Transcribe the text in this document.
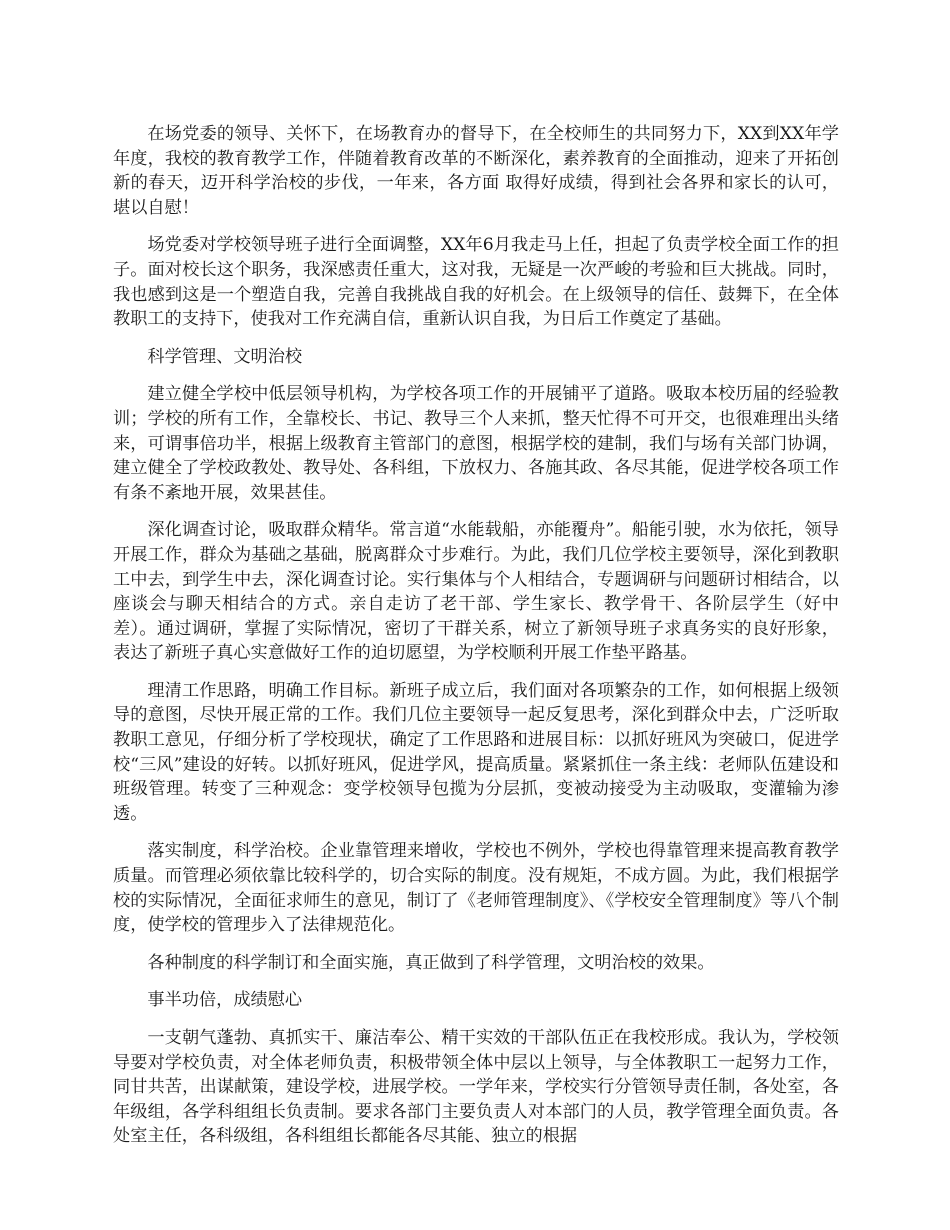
在场党委的领导、关怀下，在场教育办的督导下，在全校师生的共同努力下，XX到XX年学年度，我校的教育教学工作，伴随着教育改革的不断深化，素养教育的全面推动，迎来了开拓创新的春天，迈开科学治校的步伐，一年来，各方面 取得好成绩，得到社会各界和家长的认可，堪以自慰！

场党委对学校领导班子进行全面调整，XX年6月我走马上任，担起了负责学校全面工作的担子。面对校长这个职务，我深感责任重大，这对我，无疑是一次严峻的考验和巨大挑战。同时，我也感到这是一个塑造自我，完善自我挑战自我的好机会。在上级领导的信任、鼓舞下，在全体教职工的支持下，使我对工作充满自信，重新认识自我，为日后工作奠定了基础。

科学管理、文明治校

建立健全学校中低层领导机构，为学校各项工作的开展铺平了道路。吸取本校历届的经验教训；学校的所有工作，全靠校长、书记、教导三个人来抓，整天忙得不可开交，也很难理出头绪来，可谓事倍功半，根据上级教育主管部门的意图，根据学校的建制，我们与场有关部门协调，建立健全了学校政教处、教导处、各科组，下放权力、各施其政、各尽其能，促进学校各项工作有条不紊地开展，效果甚佳。

深化调查讨论，吸取群众精华。常言道“水能载船，亦能覆舟”。船能引驶，水为依托，领导开展工作，群众为基础之基础，脱离群众寸步难行。为此，我们几位学校主要领导，深化到教职工中去，到学生中去，深化调查讨论。实行集体与个人相结合，专题调研与问题研讨相结合，以座谈会与聊天相结合的方式。亲自走访了老干部、学生家长、教学骨干、各阶层学生（好中差）。通过调研，掌握了实际情况，密切了干群关系，树立了新领导班子求真务实的良好形象，表达了新班子真心实意做好工作的迫切愿望，为学校顺利开展工作垫平路基。

理清工作思路，明确工作目标。新班子成立后，我们面对各项繁杂的工作，如何根据上级领导的意图，尽快开展正常的工作。我们几位主要领导一起反复思考，深化到群众中去，广泛听取教职工意见，仔细分析了学校现状，确定了工作思路和进展目标：以抓好班风为突破口，促进学校“三风”建设的好转。以抓好班风，促进学风，提高质量。紧紧抓住一条主线：老师队伍建设和班级管理。转变了三种观念：变学校领导包揽为分层抓，变被动接受为主动吸取，变灌输为渗透。

落实制度，科学治校。企业靠管理来增收，学校也不例外，学校也得靠管理来提高教育教学质量。而管理必须依靠比较科学的，切合实际的制度。没有规矩，不成方圆。为此，我们根据学校的实际情况，全面征求师生的意见，制订了《老师管理制度》、《学校安全管理制度》等八个制度，使学校的管理步入了法律规范化。

各种制度的科学制订和全面实施，真正做到了科学管理，文明治校的效果。

事半功倍，成绩慰心

一支朝气蓬勃、真抓实干、廉洁奉公、精干实效的干部队伍正在我校形成。我认为，学校领导要对学校负责，对全体老师负责，积极带领全体中层以上领导，与全体教职工一起努力工作，同甘共苦，出谋献策，建设学校，进展学校。一学年来，学校实行分管领导责任制，各处室，各年级组，各学科组组长负责制。要求各部门主要负责人对本部门的人员，教学管理全面负责。各处室主任，各科级组，各科组组长都能各尽其能、独立的根据
